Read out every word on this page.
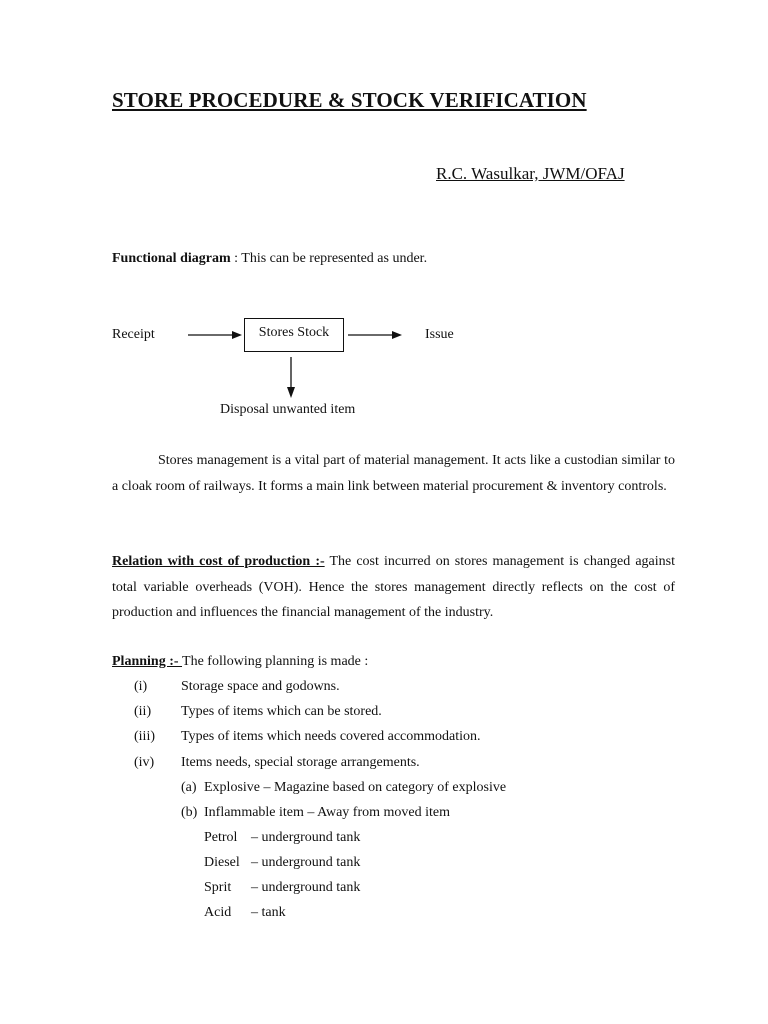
STORE PROCEDURE & STOCK VERIFICATION
R.C. Wasulkar, JWM/OFAJ
Functional diagram : This can be represented as under.
Receipt	Stores Stock	Issue
Disposal unwanted item

Stores management is a vital part of material management. It acts like a custodian similar to a cloak room of railways. It forms a main link between material procurement & inventory controls.

Relation with cost of production :- The cost incurred on stores management is changed against total variable overheads (VOH). Hence the stores management directly reflects on the cost of production and influences the financial management of the industry.

Planning :- The following planning is made :
(i) Storage space and godowns.
(ii) Types of items which can be stored.
(iii) Types of items which needs covered accommodation.
(iv) Items needs, special storage arrangements.
(a) Explosive – Magazine based on category of explosive
(b) Inflammable item – Away from moved item
Petrol – underground tank
Diesel – underground tank
Sprit – underground tank
Acid – tank
